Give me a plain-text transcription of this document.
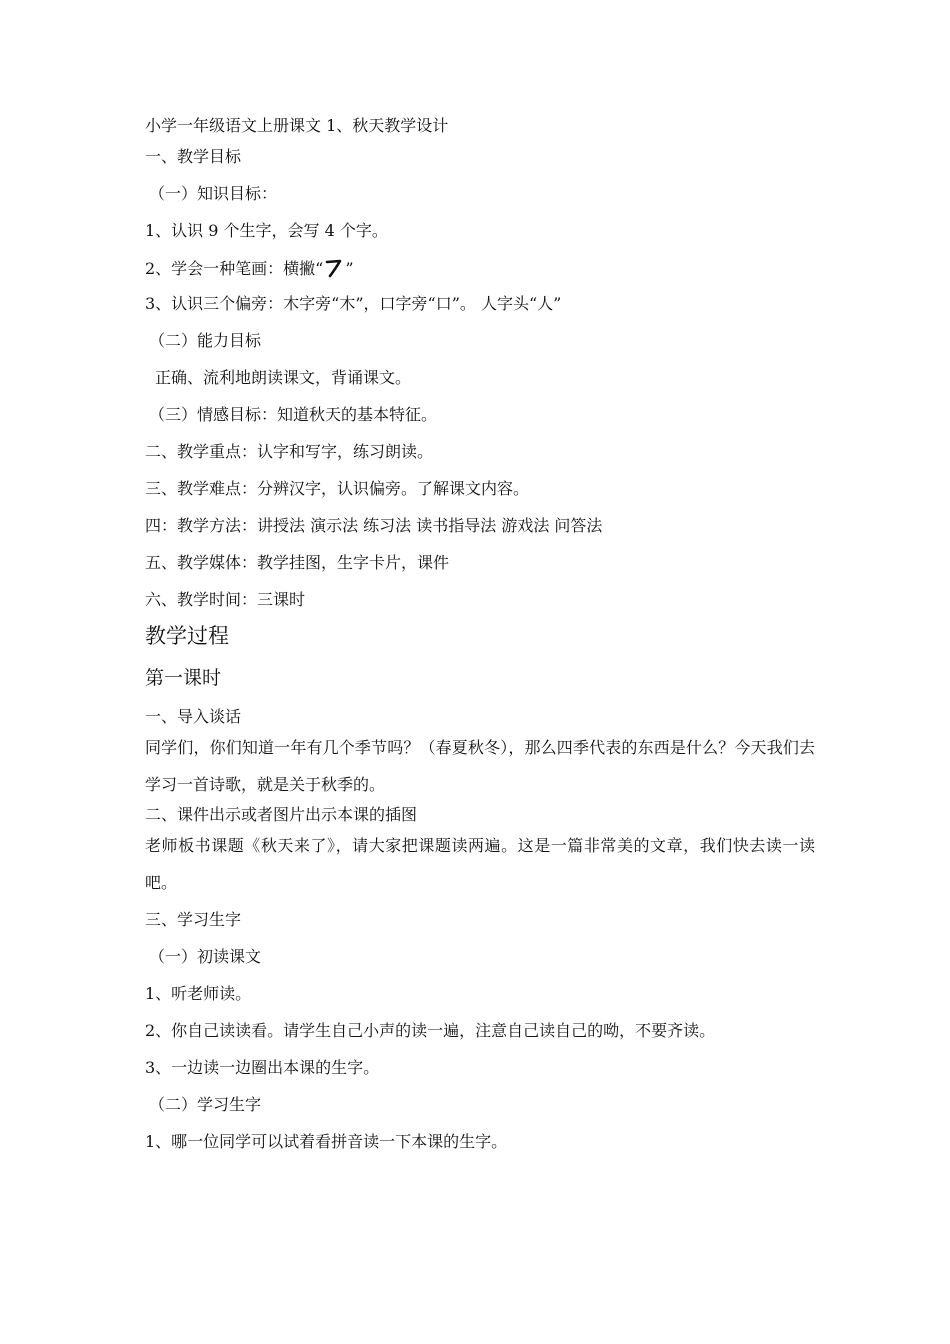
小学一年级语文上册课文 1、秋天教学设计
一、教学目标
（一）知识目标：
1、认识 9 个生字，会写 4 个字。
2、学会一种笔画：横撇“ ”
3、认识三个偏旁：木字旁“木”，口字旁“口”。 人字头“人”
（二）能力目标
正确、流利地朗读课文，背诵课文。
（三）情感目标：知道秋天的基本特征。
二、教学重点：认字和写字，练习朗读。
三、教学难点：分辨汉字，认识偏旁。了解课文内容。
四：教学方法：讲授法 演示法 练习法 读书指导法 游戏法 问答法
五、教学媒体：教学挂图，生字卡片，课件
六、教学时间：三课时
教学过程
第一课时
一、导入谈话
同学们，你们知道一年有几个季节吗？（春夏秋冬），那么四季代表的东西是什么？今天我们去学习一首诗歌，就是关于秋季的。
二、课件出示或者图片出示本课的插图
老师板书课题《秋天来了》，请大家把课题读两遍。这是一篇非常美的文章，我们快去读一读吧。
三、学习生字
（一）初读课文
1、听老师读。
2、你自己读读看。请学生自己小声的读一遍，注意自己读自己的呦，不要齐读。
3、一边读一边圈出本课的生字。
（二）学习生字
1、哪一位同学可以试着看拼音读一下本课的生字。
